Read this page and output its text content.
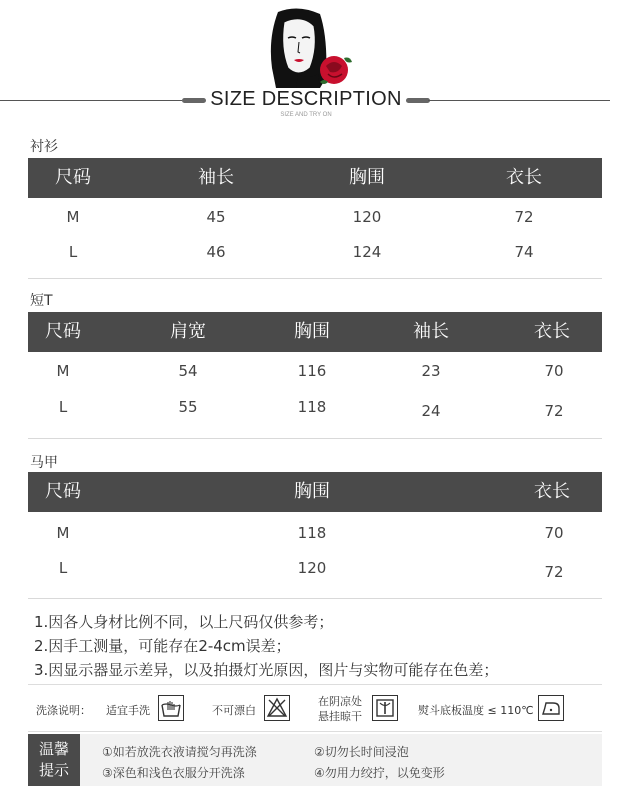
SIZE DESCRIPTION
SIZE AND TRY ON
衬衫
尺码	袖长	胸围	衣长
M	45	120	72
L	46	124	74
短T
尺码	肩宽	胸围	袖长	衣长
M	54	116	23	70
L	55	118	24	72
马甲
尺码	胸围	衣长
M	118	70
L	120	72
1.因各人身材比例不同，以上尺码仅供参考；
2.因手工测量，可能存在2-4cm误差；
3.因显示器显示差异，以及拍摄灯光原因，图片与实物可能存在色差；
洗涤说明： 适宜手洗	不可漂白
在阴凉处
悬挂晾干	熨斗底板温度 ≤ 110℃
温馨
提示
①如若放洗衣液请搅匀再洗涤	②切勿长时间浸泡
③深色和浅色衣服分开洗涤	④勿用力绞拧，以免变形
